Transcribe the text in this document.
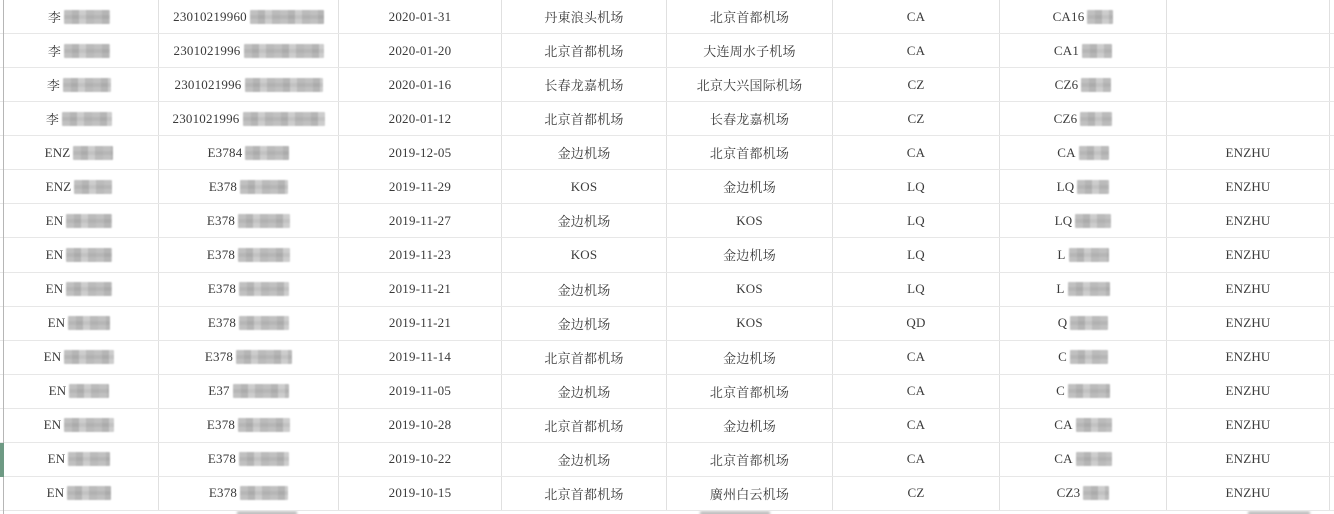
李	23010219960	2020-01-31	丹東浪头机场	北京首都机场	CA	CA16
李	2301021996	2020-01-20	北京首都机场	大连周水子机场	CA	CA1
李	2301021996	2020-01-16	长春龙嘉机场	北京大兴国际机场	CZ	CZ6
李	2301021996	2020-01-12	北京首都机场	长春龙嘉机场	CZ	CZ6
ENZ	E3784	2019-12-05	金边机场	北京首都机场	CA	CA	ENZHU
ENZ	E378	2019-11-29	KOS	金边机场	LQ	LQ	ENZHU
EN	E378	2019-11-27	金边机场	KOS	LQ	LQ	ENZHU
EN	E378	2019-11-23	KOS	金边机场	LQ	L	ENZHU
EN	E378	2019-11-21	金边机场	KOS	LQ	L	ENZHU
EN	E378	2019-11-21	金边机场	KOS	QD	Q	ENZHU
EN	E378	2019-11-14	北京首都机场	金边机场	CA	C	ENZHU
EN	E37	2019-11-05	金边机场	北京首都机场	CA	C	ENZHU
EN	E378	2019-10-28	北京首都机场	金边机场	CA	CA	ENZHU
EN	E378	2019-10-22	金边机场	北京首都机场	CA	CA	ENZHU
EN	E378	2019-10-15	北京首都机场	廣州白云机场	CZ	CZ3	ENZHU
